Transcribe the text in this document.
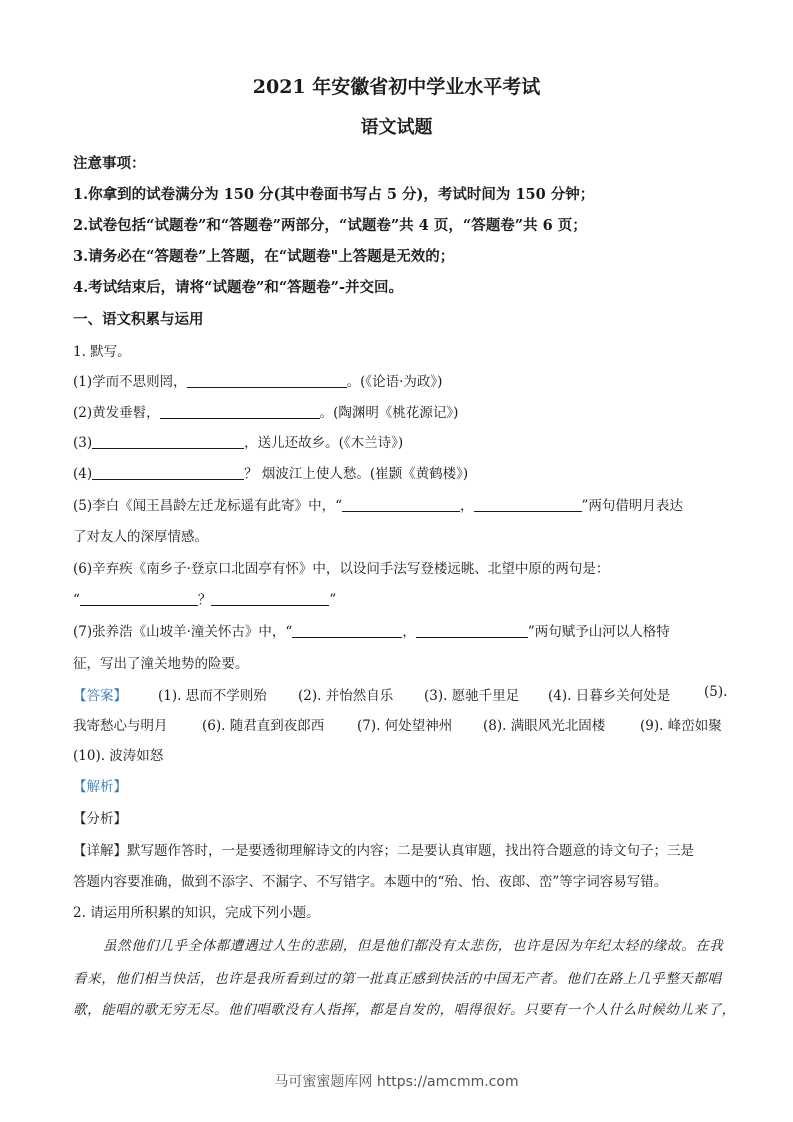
2021 年安徽省初中学业水平考试
语文试题
注意事项：
1.你拿到的试卷满分为 150 分(其中卷面书写占 5 分)，考试时间为 150 分钟；
2.试卷包括“试题卷”和“答题卷”两部分，“试题卷”共 4 页，“答题卷”共 6 页；
3.请务必在“答题卷”上答题，在“试题卷"上答题是无效的；
4.考试结束后，请将“试题卷”和“答题卷”-并交回。
一、语文积累与运用
1. 默写。
(1)学而不思则罔，	。(《论语·为政》)
(2)黄发垂髫，	。(陶渊明《桃花源记》)
(3)	，送儿还故乡。(《木兰诗》)
(4)	？ 烟波江上使人愁。(崔颢《黄鹤楼》)
(5)李白《闻王昌龄左迁龙标遥有此寄》中，“	，	”两句借明月表达
了对友人的深厚情感。
(6)辛弃疾《南乡子·登京口北固亭有怀》中，以设问手法写登楼远眺、北望中原的两句是：
“	？	”
(7)张养浩《山坡羊·潼关怀古》中，“	，	”两句赋予山河以人格特
征，写出了潼关地势的险要。
【答案】 (1). 思而不学则殆 (2). 并怡然自乐 (3). 愿驰千里足 (4). 日暮乡关何处是	(5).
我寄愁心与明月	(6). 随君直到夜郎西 (7). 何处望神州 (8). 满眼风光北固楼	(9). 峰峦如聚
(10). 波涛如怒
【解析】
【分析】
【详解】默写题作答时，一是要透彻理解诗文的内容；二是要认真审题，找出符合题意的诗文句子；三是
答题内容要准确，做到不添字、不漏字、不写错字。本题中的“殆、怡、夜郎、峦”等字词容易写错。
2. 请运用所积累的知识，完成下列小题。
虽然他们几乎全体都遭遇过人生的悲剧，但是他们都没有太悲伤，也许是因为年纪太轻的缘故。在我
看来，他们相当快活，也许是我所看到过的第一批真正感到快活的中国无产者。他们在路上几乎整天都唱
歌，能唱的歌无穷无尽。他们唱歌没有人指挥，都是自发的，唱得很好。只要有一个人什么时候幼儿来了，
马可蜜蜜题库网 https://amcmm.com
